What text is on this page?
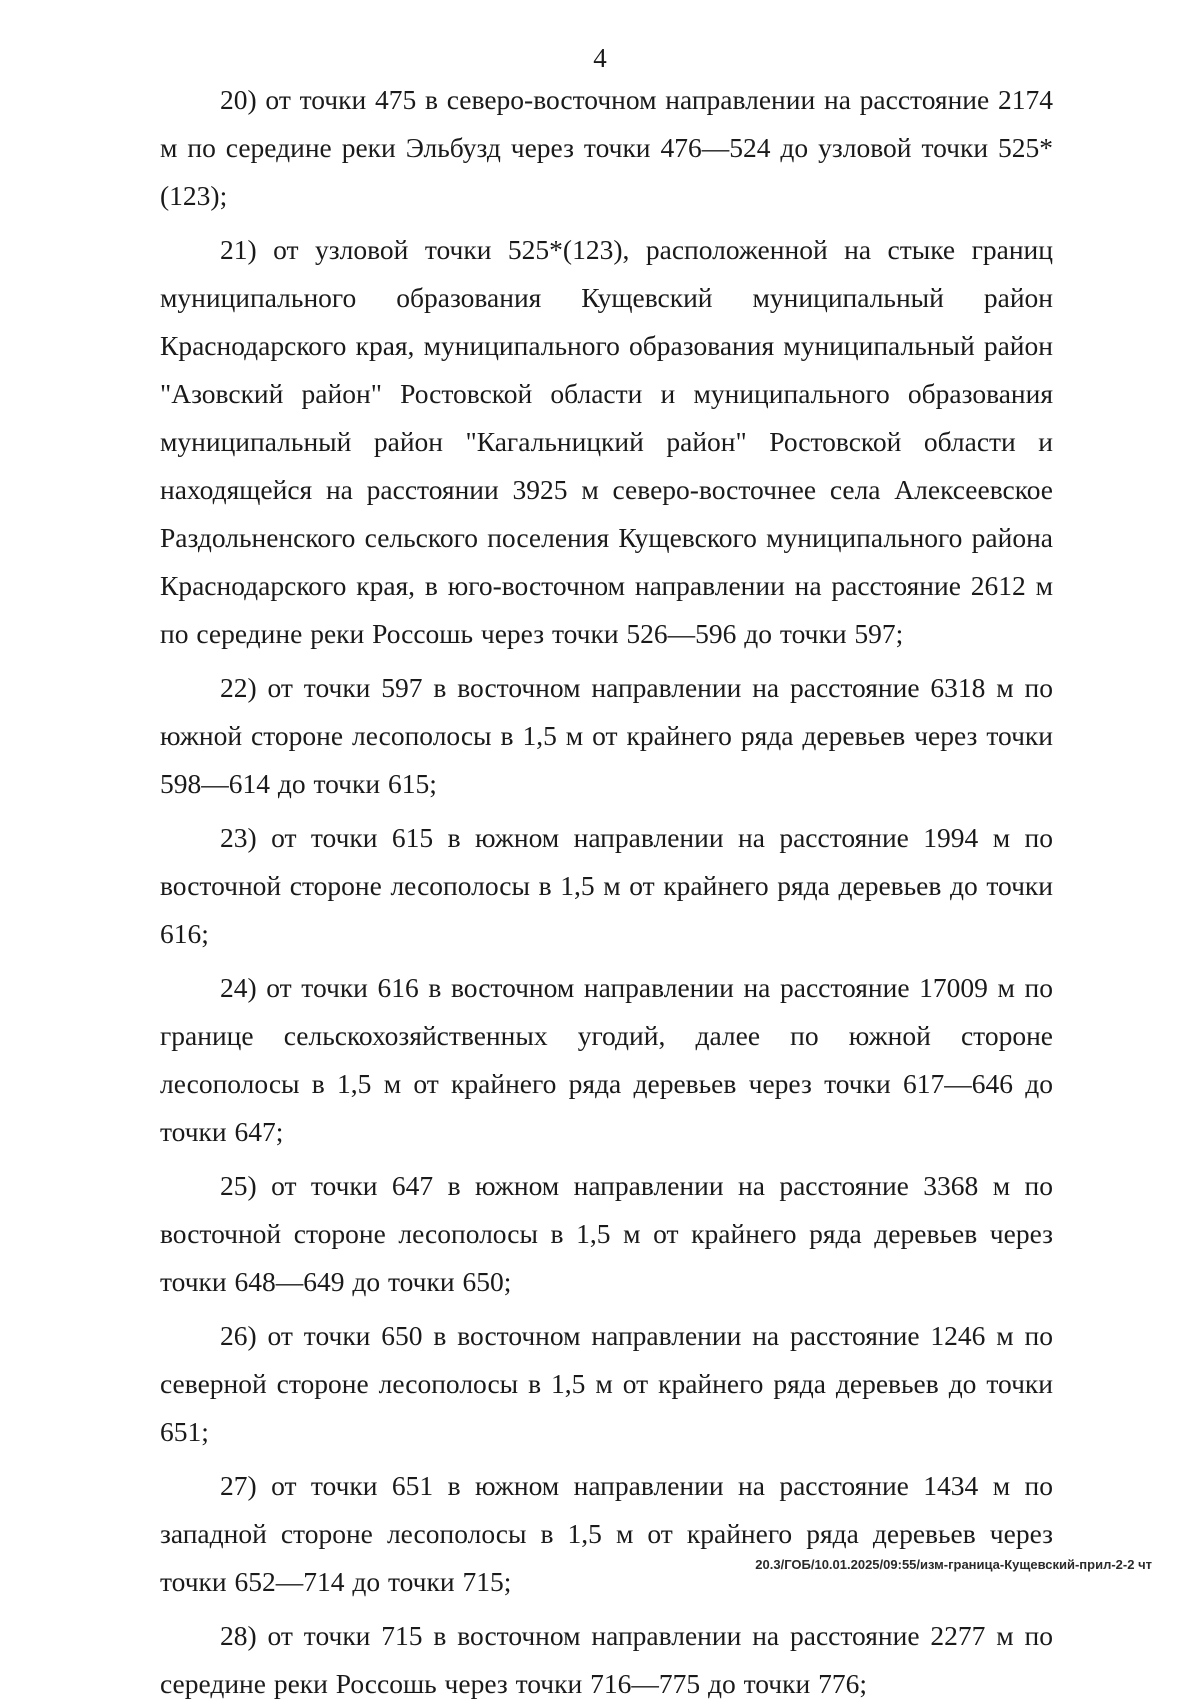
4

20) от точки 475 в северо-восточном направлении на расстояние 2174 м по середине реки Эльбузд через точки 476—524 до узловой точки 525*(123);

21) от узловой точки 525*(123), расположенной на стыке границ муниципального образования Кущевский муниципальный район Краснодарского края, муниципального образования муниципальный район "Азовский район" Ростовской области и муниципального образования муниципальный район "Кагальницкий район" Ростовской области и находящейся на расстоянии 3925 м северо-восточнее села Алексеевское Раздольненского сельского поселения Кущевского муниципального района Краснодарского края, в юго-восточном направлении на расстояние 2612 м по середине реки Россошь через точки 526—596 до точки 597;

22) от точки 597 в восточном направлении на расстояние 6318 м по южной стороне лесополосы в 1,5 м от крайнего ряда деревьев через точки 598—614 до точки 615;

23) от точки 615 в южном направлении на расстояние 1994 м по восточной стороне лесополосы в 1,5 м от крайнего ряда деревьев до точки 616;

24) от точки 616 в восточном направлении на расстояние 17009 м по границе сельскохозяйственных угодий, далее по южной стороне лесополосы в 1,5 м от крайнего ряда деревьев через точки 617—646 до точки 647;

25) от точки 647 в южном направлении на расстояние 3368 м по восточной стороне лесополосы в 1,5 м от крайнего ряда деревьев через точки 648—649 до точки 650;

26) от точки 650 в восточном направлении на расстояние 1246 м по северной стороне лесополосы в 1,5 м от крайнего ряда деревьев до точки 651;

27) от точки 651 в южном направлении на расстояние 1434 м по западной стороне лесополосы в 1,5 м от крайнего ряда деревьев через точки 652—714 до точки 715;

28) от точки 715 в восточном направлении на расстояние 2277 м по середине реки Россошь через точки 716—775 до точки 776;

20.3/ГОБ/10.01.2025/09:55/изм-граница-Кущевский-прил-2-2 чт
